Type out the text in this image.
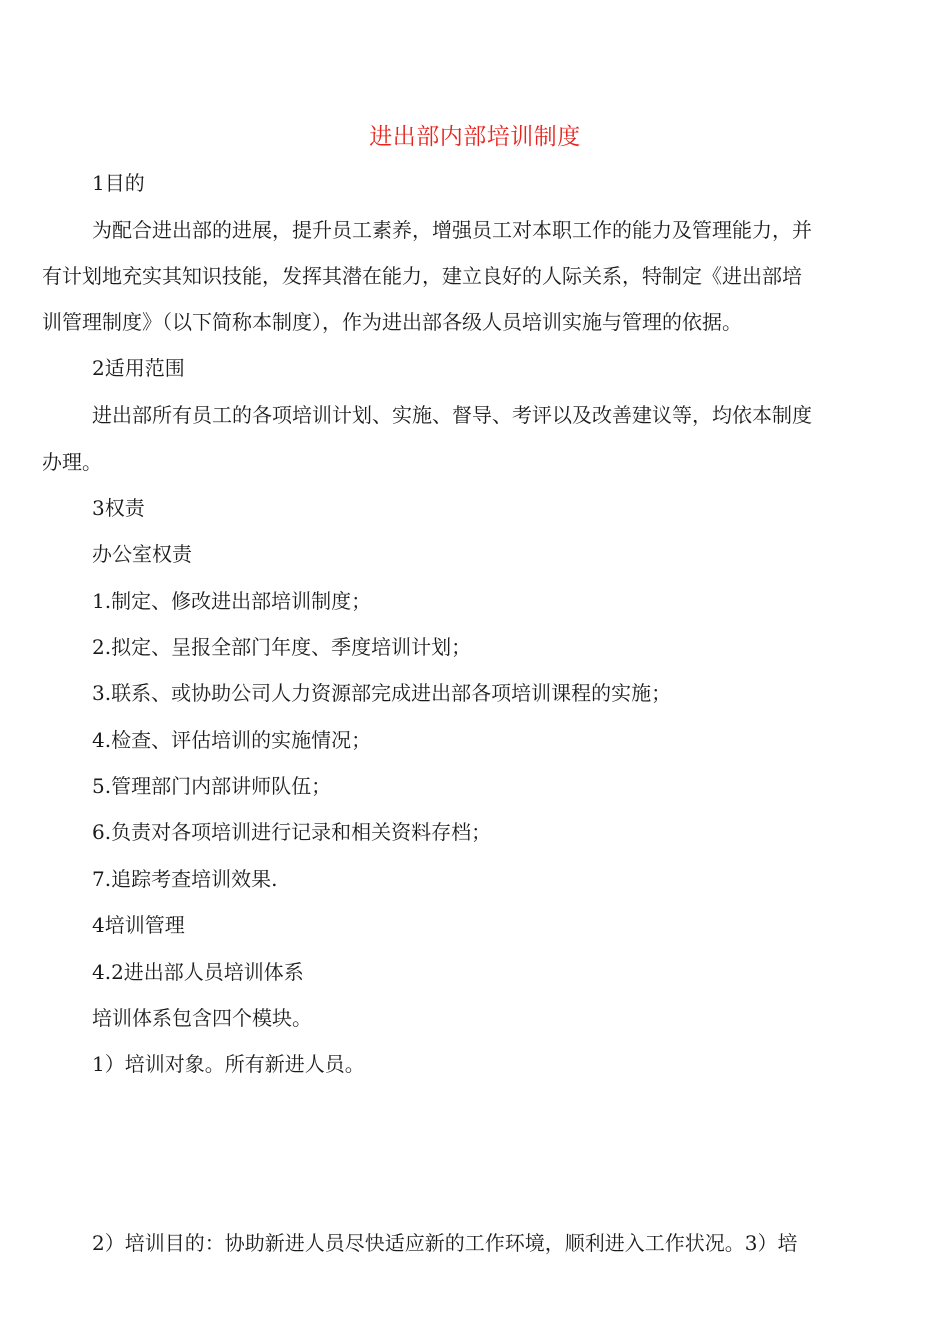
进出部内部培训制度
1目的
为配合进出部的进展，提升员工素养，增强员工对本职工作的能力及管理能力，并
有计划地充实其知识技能，发挥其潜在能力，建立良好的人际关系，特制定《进出部培
训管理制度》（以下简称本制度），作为进出部各级人员培训实施与管理的依据。
2适用范围
进出部所有员工的各项培训计划、实施、督导、考评以及改善建议等，均依本制度
办理。
3权责
办公室权责
1.制定、修改进出部培训制度；
2.拟定、呈报全部门年度、季度培训计划；
3.联系、或协助公司人力资源部完成进出部各项培训课程的实施；
4.检查、评估培训的实施情况；
5.管理部门内部讲师队伍；
6.负责对各项培训进行记录和相关资料存档；
7.追踪考查培训效果.
4培训管理
4.2进出部人员培训体系
培训体系包含四个模块。
1）培训对象。所有新进人员。
2）培训目的：协助新进人员尽快适应新的工作环境，顺利进入工作状况。3）培
